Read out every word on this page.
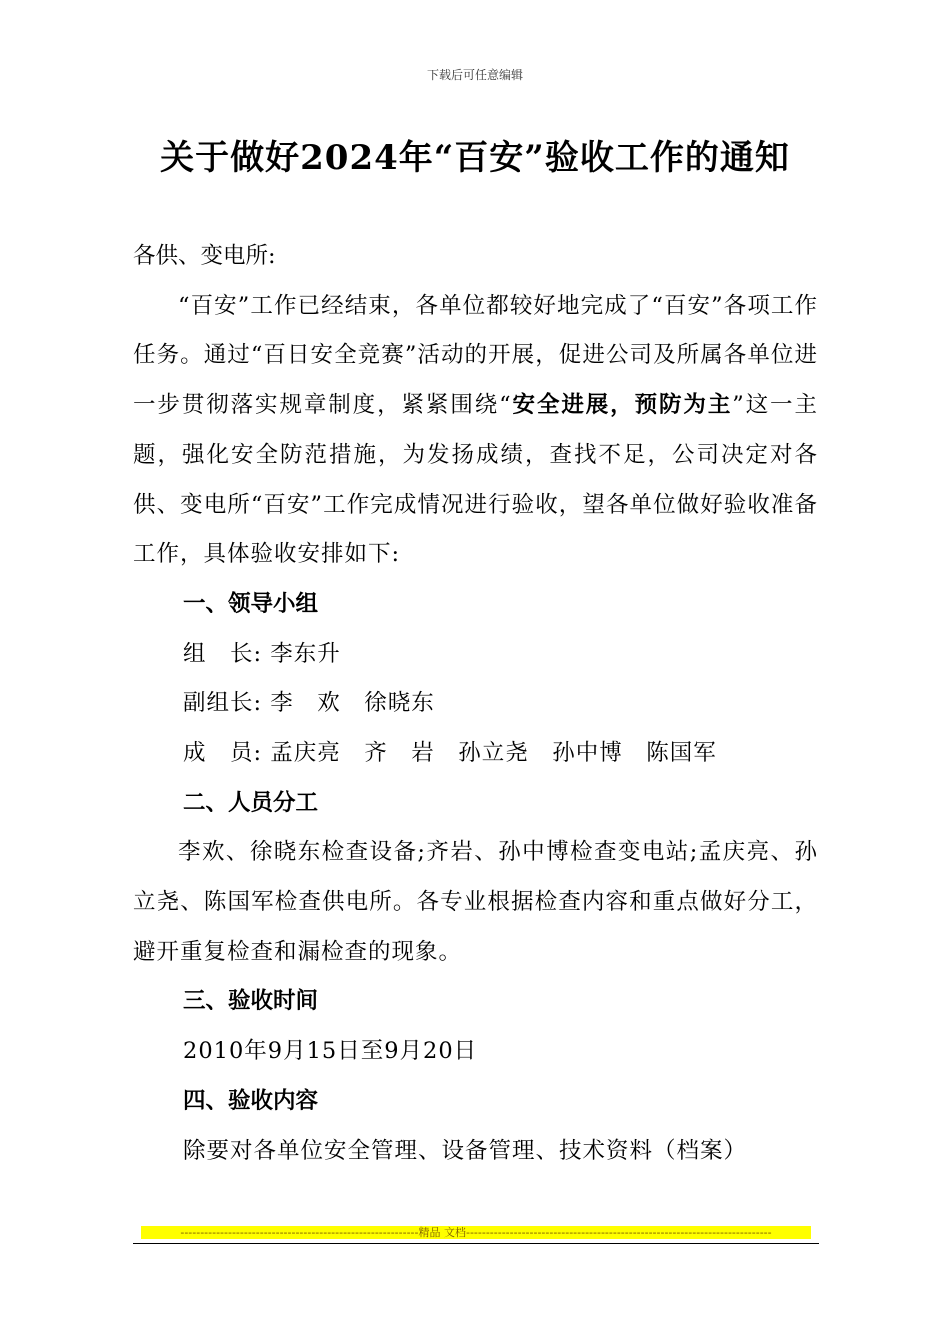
下载后可任意编辑
关于做好2024年“百安”验收工作的通知
各供、变电所:

“百安”工作已经结束，各单位都较好地完成了“百安”各项工作任务。通过“百日安全竞赛”活动的开展，促进公司及所属各单位进一步贯彻落实规章制度，紧紧围绕“安全进展，预防为主”这一主题，强化安全防范措施，为发扬成绩，查找不足，公司决定对各供、变电所“百安”工作完成情况进行验收，望各单位做好验收准备工作，具体验收安排如下:

一、领导小组
组　长: 李东升
副组长: 李　欢　徐晓东
成　员: 孟庆亮　齐　岩　孙立尧　孙中博　陈国军
二、人员分工

李欢、徐晓东检查设备;齐岩、孙中博检查变电站;孟庆亮、孙立尧、陈国军检查供电所。各专业根据检查内容和重点做好分工，避开重复检查和漏检查的现象。

三、验收时间
2010年9月15日至9月20日
四、验收内容
除要对各单位安全管理、设备管理、技术资料（档案）
------------------------------------------------------------精品 文档-----------------------------------------------------------------------------
